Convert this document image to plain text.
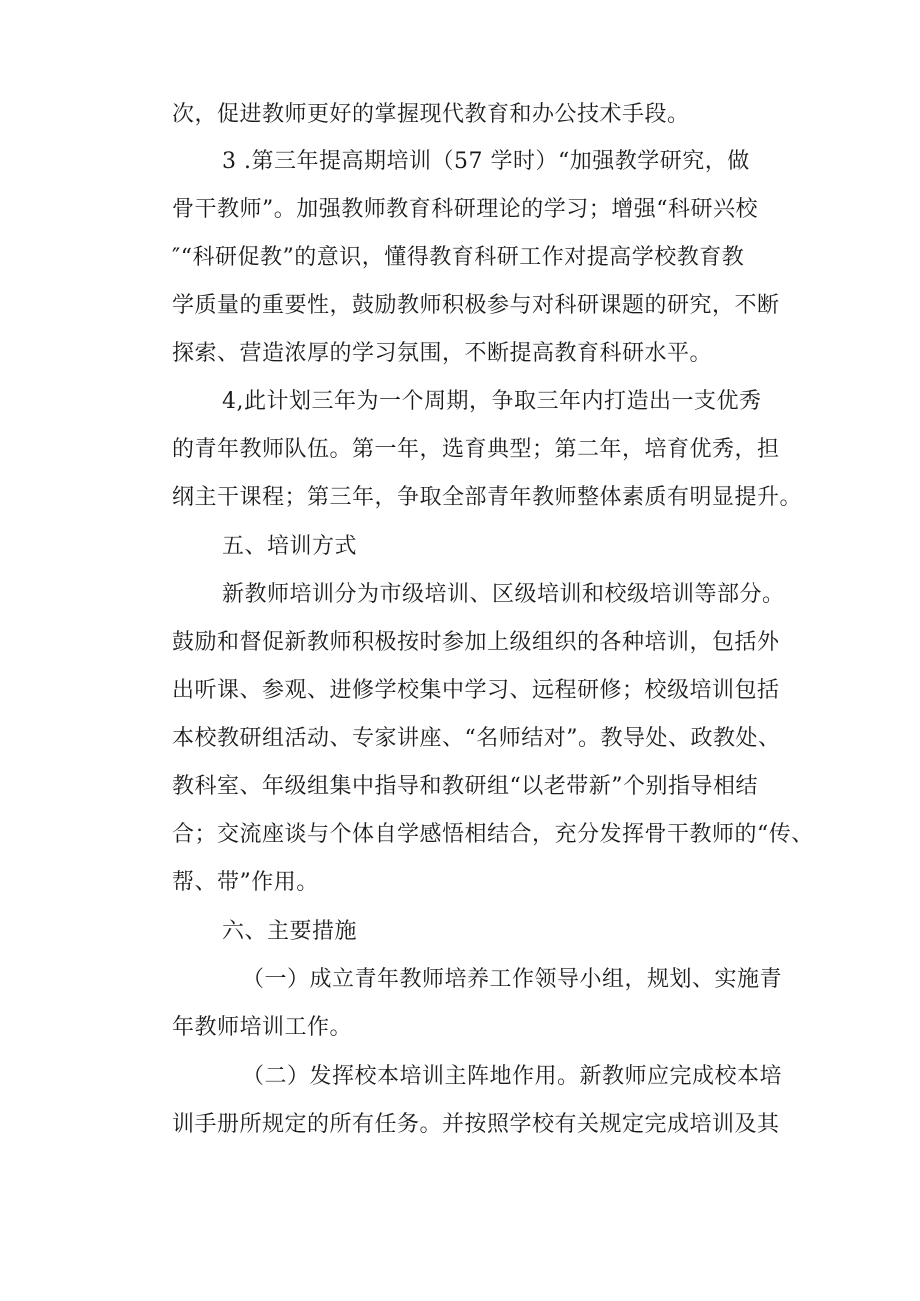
次，促进教师更好的掌握现代教育和办公技术手段。
3 .第三年提高期培训（57 学时）“加强教学研究，做
骨干教师”。加强教师教育科研理论的学习；增强“科研兴校
″“科研促教”的意识，懂得教育科研工作对提高学校教育教
学质量的重要性，鼓励教师积极参与对科研课题的研究，不断
探索、营造浓厚的学习氛围，不断提高教育科研水平。
4,此计划三年为一个周期，争取三年内打造出一支优秀
的青年教师队伍。第一年，选育典型；第二年，培育优秀，担
纲主干课程；第三年，争取全部青年教师整体素质有明显提升。
五、培训方式
新教师培训分为市级培训、区级培训和校级培训等部分。
鼓励和督促新教师积极按时参加上级组织的各种培训，包括外
出听课、参观、进修学校集中学习、远程研修；校级培训包括
本校教研组活动、专家讲座、“名师结对”。教导处、政教处、
教科室、年级组集中指导和教研组“以老带新”个别指导相结
合；交流座谈与个体自学感悟相结合，充分发挥骨干教师的“传、
帮、带”作用。
六、主要措施
（一）成立青年教师培养工作领导小组，规划、实施青
年教师培训工作。
（二）发挥校本培训主阵地作用。新教师应完成校本培
训手册所规定的所有任务。并按照学校有关规定完成培训及其
